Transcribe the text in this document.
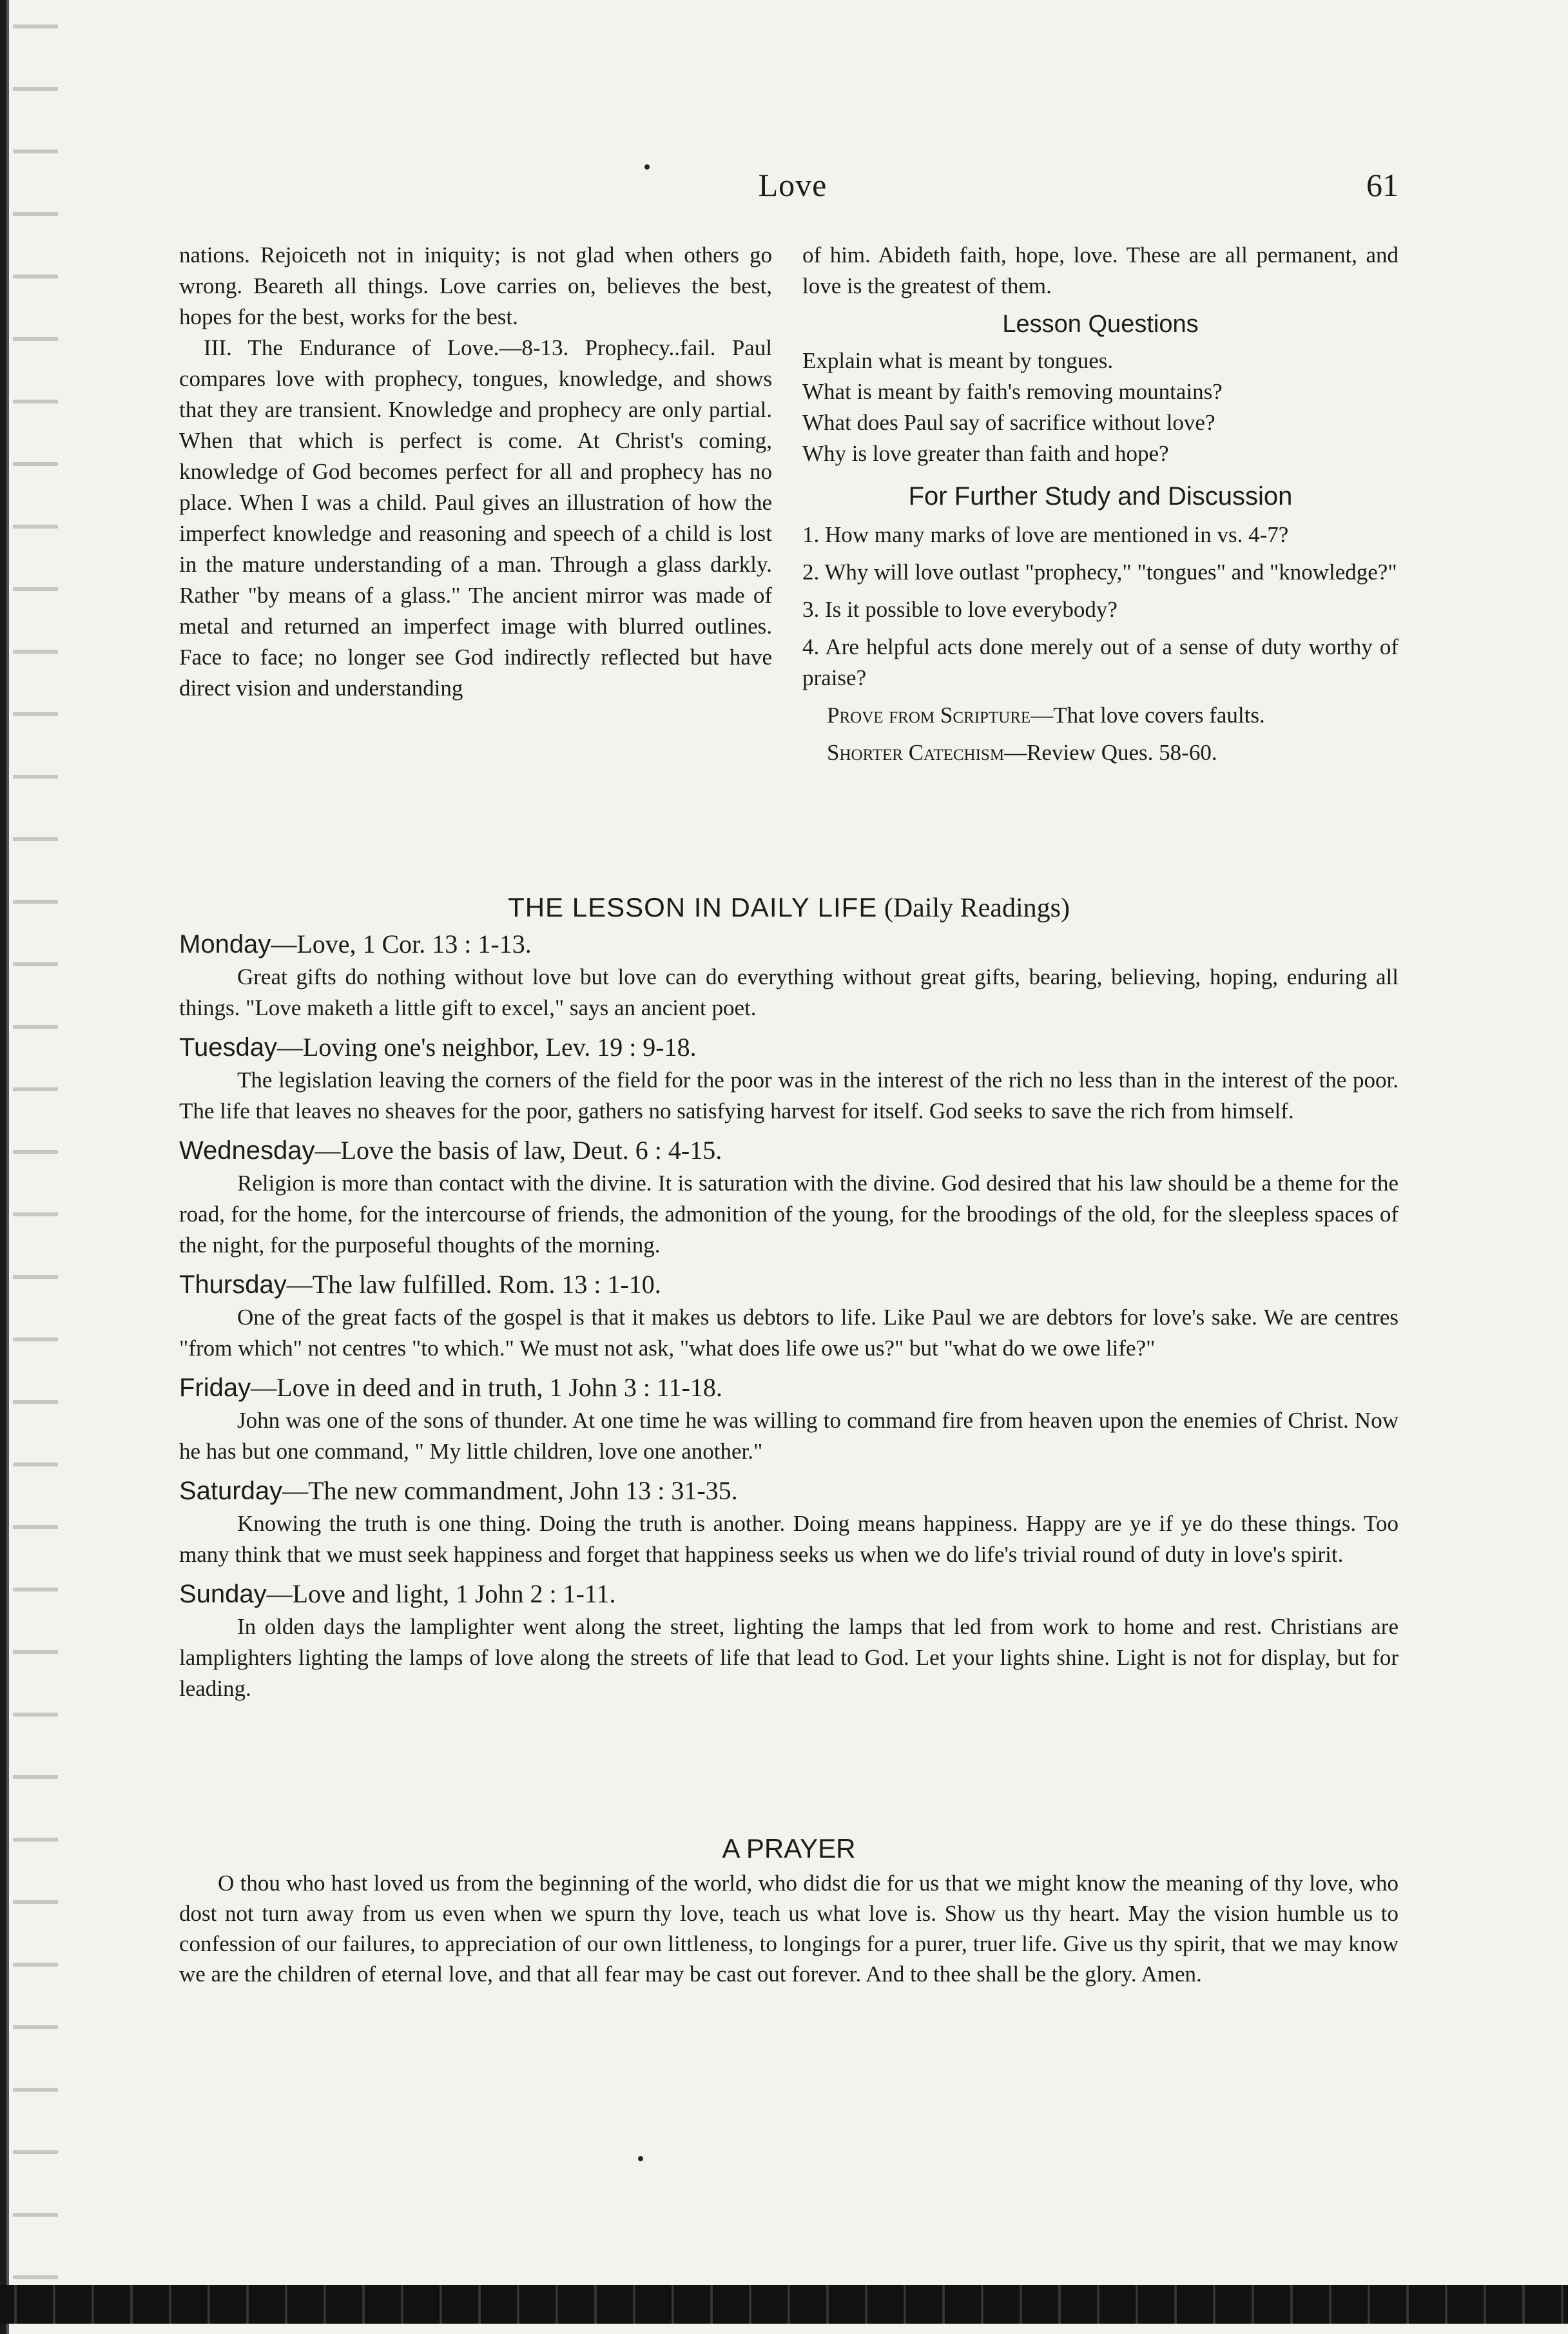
Love	61

nations. Rejoiceth not in iniquity; is not glad when others go wrong. Beareth all things. Love carries on, believes the best, hopes for the best, works for the best.

III. The Endurance of Love.—8-13. Prophecy..fail. Paul compares love with prophecy, tongues, knowledge, and shows that they are transient. Knowledge and prophecy are only partial. When that which is perfect is come. At Christ's coming, knowledge of God becomes perfect for all and prophecy has no place. When I was a child. Paul gives an illustration of how the imperfect knowledge and reasoning and speech of a child is lost in the mature understanding of a man. Through a glass darkly. Rather "by means of a glass." The ancient mirror was made of metal and returned an imperfect image with blurred outlines. Face to face; no longer see God indirectly reflected but have direct vision and understanding

of him. Abideth faith, hope, love. These are all permanent, and love is the greatest of them.

Lesson Questions

Explain what is meant by tongues.

What is meant by faith's removing mountains?

What does Paul say of sacrifice without love?

Why is love greater than faith and hope?

For Further Study and Discussion

1. How many marks of love are mentioned in vs. 4-7?

2. Why will love outlast "prophecy," "tongues" and "knowledge?"

3. Is it possible to love everybody?

4. Are helpful acts done merely out of a sense of duty worthy of praise?

Prove from Scripture—That love covers faults.

Shorter Catechism—Review Ques. 58-60.

THE LESSON IN DAILY LIFE (Daily Readings)

Monday—Love, 1 Cor. 13 : 1-13.

Great gifts do nothing without love but love can do everything without great gifts, bearing, believing, hoping, enduring all things. "Love maketh a little gift to excel," says an ancient poet.

Tuesday—Loving one's neighbor, Lev. 19 : 9-18.

The legislation leaving the corners of the field for the poor was in the interest of the rich no less than in the interest of the poor. The life that leaves no sheaves for the poor, gathers no satisfying harvest for itself. God seeks to save the rich from himself.

Wednesday—Love the basis of law, Deut. 6 : 4-15.

Religion is more than contact with the divine. It is saturation with the divine. God desired that his law should be a theme for the road, for the home, for the intercourse of friends, the admonition of the young, for the broodings of the old, for the sleepless spaces of the night, for the purposeful thoughts of the morning.

Thursday—The law fulfilled. Rom. 13 : 1-10.

One of the great facts of the gospel is that it makes us debtors to life. Like Paul we are debtors for love's sake. We are centres "from which" not centres "to which." We must not ask, "what does life owe us?" but "what do we owe life?"

Friday—Love in deed and in truth, 1 John 3 : 11-18.

John was one of the sons of thunder. At one time he was willing to command fire from heaven upon the enemies of Christ. Now he has but one command, " My little children, love one another."

Saturday—The new commandment, John 13 : 31-35.

Knowing the truth is one thing. Doing the truth is another. Doing means happiness. Happy are ye if ye do these things. Too many think that we must seek happiness and forget that happiness seeks us when we do life's trivial round of duty in love's spirit.

Sunday—Love and light, 1 John 2 : 1-11.

In olden days the lamplighter went along the street, lighting the lamps that led from work to home and rest. Christians are lamplighters lighting the lamps of love along the streets of life that lead to God. Let your lights shine. Light is not for display, but for leading.

A PRAYER

O thou who hast loved us from the beginning of the world, who didst die for us that we might know the meaning of thy love, who dost not turn away from us even when we spurn thy love, teach us what love is. Show us thy heart. May the vision humble us to confession of our failures, to appreciation of our own littleness, to longings for a purer, truer life. Give us thy spirit, that we may know we are the children of eternal love, and that all fear may be cast out forever. And to thee shall be the glory. Amen.
